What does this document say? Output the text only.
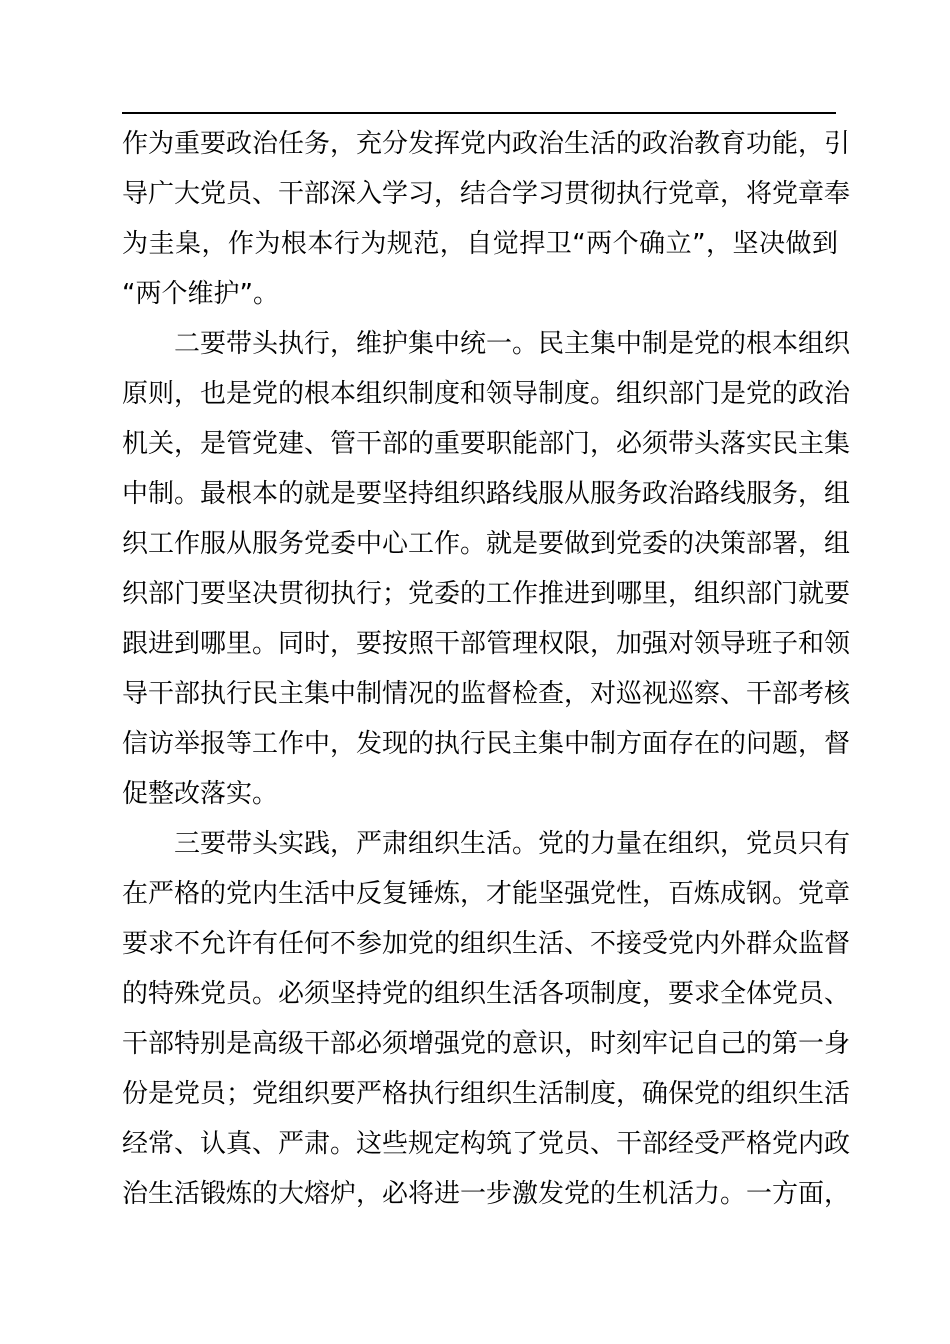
作为重要政治任务，充分发挥党内政治生活的政治教育功能，引
导广大党员、干部深入学习，结合学习贯彻执行党章，将党章奉
为圭臬，作为根本行为规范，自觉捍卫“两个确立”，坚决做到
“两个维护”。
二要带头执行，维护集中统一。民主集中制是党的根本组织
原则，也是党的根本组织制度和领导制度。组织部门是党的政治
机关，是管党建、管干部的重要职能部门，必须带头落实民主集
中制。最根本的就是要坚持组织路线服从服务政治路线服务，组
织工作服从服务党委中心工作。就是要做到党委的决策部署，组
织部门要坚决贯彻执行；党委的工作推进到哪里，组织部门就要
跟进到哪里。同时，要按照干部管理权限，加强对领导班子和领
导干部执行民主集中制情况的监督检查，对巡视巡察、干部考核
信访举报等工作中，发现的执行民主集中制方面存在的问题，督
促整改落实。
三要带头实践，严肃组织生活。党的力量在组织，党员只有
在严格的党内生活中反复锤炼，才能坚强党性，百炼成钢。党章
要求不允许有任何不参加党的组织生活、不接受党内外群众监督
的特殊党员。必须坚持党的组织生活各项制度，要求全体党员、
干部特别是高级干部必须增强党的意识，时刻牢记自己的第一身
份是党员；党组织要严格执行组织生活制度，确保党的组织生活
经常、认真、严肃。这些规定构筑了党员、干部经受严格党内政
治生活锻炼的大熔炉，必将进一步激发党的生机活力。一方面，
